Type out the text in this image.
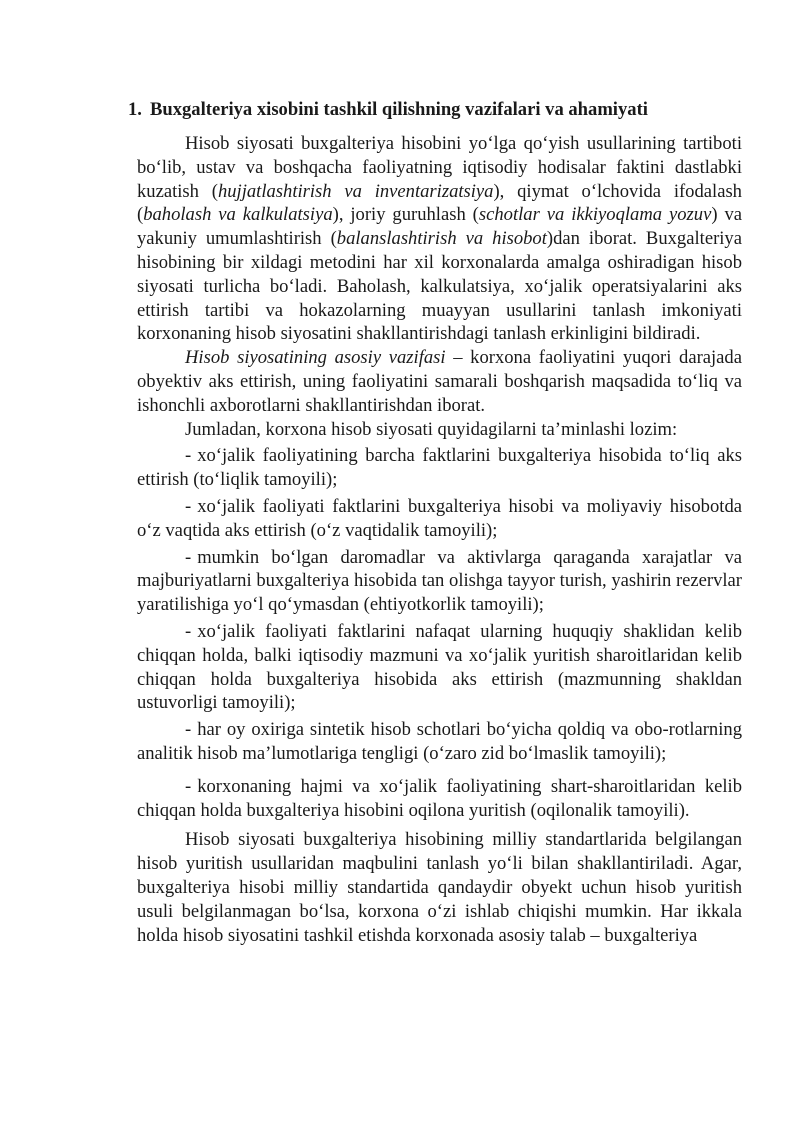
1. Buxgalteriya xisobini tashkil qilishning vazifalari va ahamiyati

Hisob siyosati buxgalteriya hisobini yo‘lga qo‘yish usullarining tartiboti bo‘lib, ustav va boshqacha faoliyatning iqtisodiy hodisalar faktini dastlabki kuzatish (hujjatlashtirish va inventarizatsiya), qiymat o‘lchovida ifodalash (baholash va kalkulatsiya), joriy guruhlash (schotlar va ikkiyoqlama yozuv) va yakuniy umumlashtirish (balanslashtirish va hisobot)dan iborat. Buxgalteriya hisobining bir xildagi metodini har xil korxonalarda amalga oshiradigan hisob siyosati turlicha bo‘ladi. Baholash, kalkulatsiya, xo‘jalik operatsiyalarini aks ettirish tartibi va hokazolarning muayyan usullarini tanlash imkoniyati korxonaning hisob siyosatini shakllantirishdagi tanlash erkinligini bildiradi.

Hisob siyosatining asosiy vazifasi – korxona faoliyatini yuqori darajada obyektiv aks ettirish, uning faoliyatini samarali boshqarish maqsadida to‘liq va ishonchli axborotlarni shakllantirishdan iborat.

Jumladan, korxona hisob siyosati quyidagilarni ta’minlashi lozim:

- xo‘jalik faoliyatining barcha faktlarini buxgalteriya hisobida to‘liq aks ettirish (to‘liqlik tamoyili);

- xo‘jalik faoliyati faktlarini buxgalteriya hisobi va moliyaviy hisobotda o‘z vaqtida aks ettirish (o‘z vaqtidalik tamoyili);

- mumkin bo‘lgan daromadlar va aktivlarga qaraganda xarajatlar va majburiyatlarni buxgalteriya hisobida tan olishga tayyor turish, yashirin rezervlar yaratilishiga yo‘l qo‘ymasdan (ehtiyotkorlik tamoyili);

- xo‘jalik faoliyati faktlarini nafaqat ularning huquqiy shaklidan kelib chiqqan holda, balki iqtisodiy mazmuni va xo‘jalik yuritish sharoitlaridan kelib chiqqan holda buxgalteriya hisobida aks ettirish (mazmunning shakldan ustuvorligi tamoyili);

- har oy oxiriga sintetik hisob schotlari bo‘yicha qoldiq va obo-rotlarning analitik hisob ma’lumotlariga tengligi (o‘zaro zid bo‘lmaslik tamoyili);

- korxonaning hajmi va xo‘jalik faoliyatining shart-sharoitlaridan kelib chiqqan holda buxgalteriya hisobini oqilona yuritish (oqilonalik tamoyili).

Hisob siyosati buxgalteriya hisobining milliy standartlarida belgilangan hisob yuritish usullaridan maqbulini tanlash yo‘li bilan shakllantiriladi. Agar, buxgalteriya hisobi milliy standartida qandaydir obyekt uchun hisob yuritish usuli belgilanmagan bo‘lsa, korxona o‘zi ishlab chiqishi mumkin. Har ikkala holda hisob siyosatini tashkil etishda korxonada asosiy talab – buxgalteriya
